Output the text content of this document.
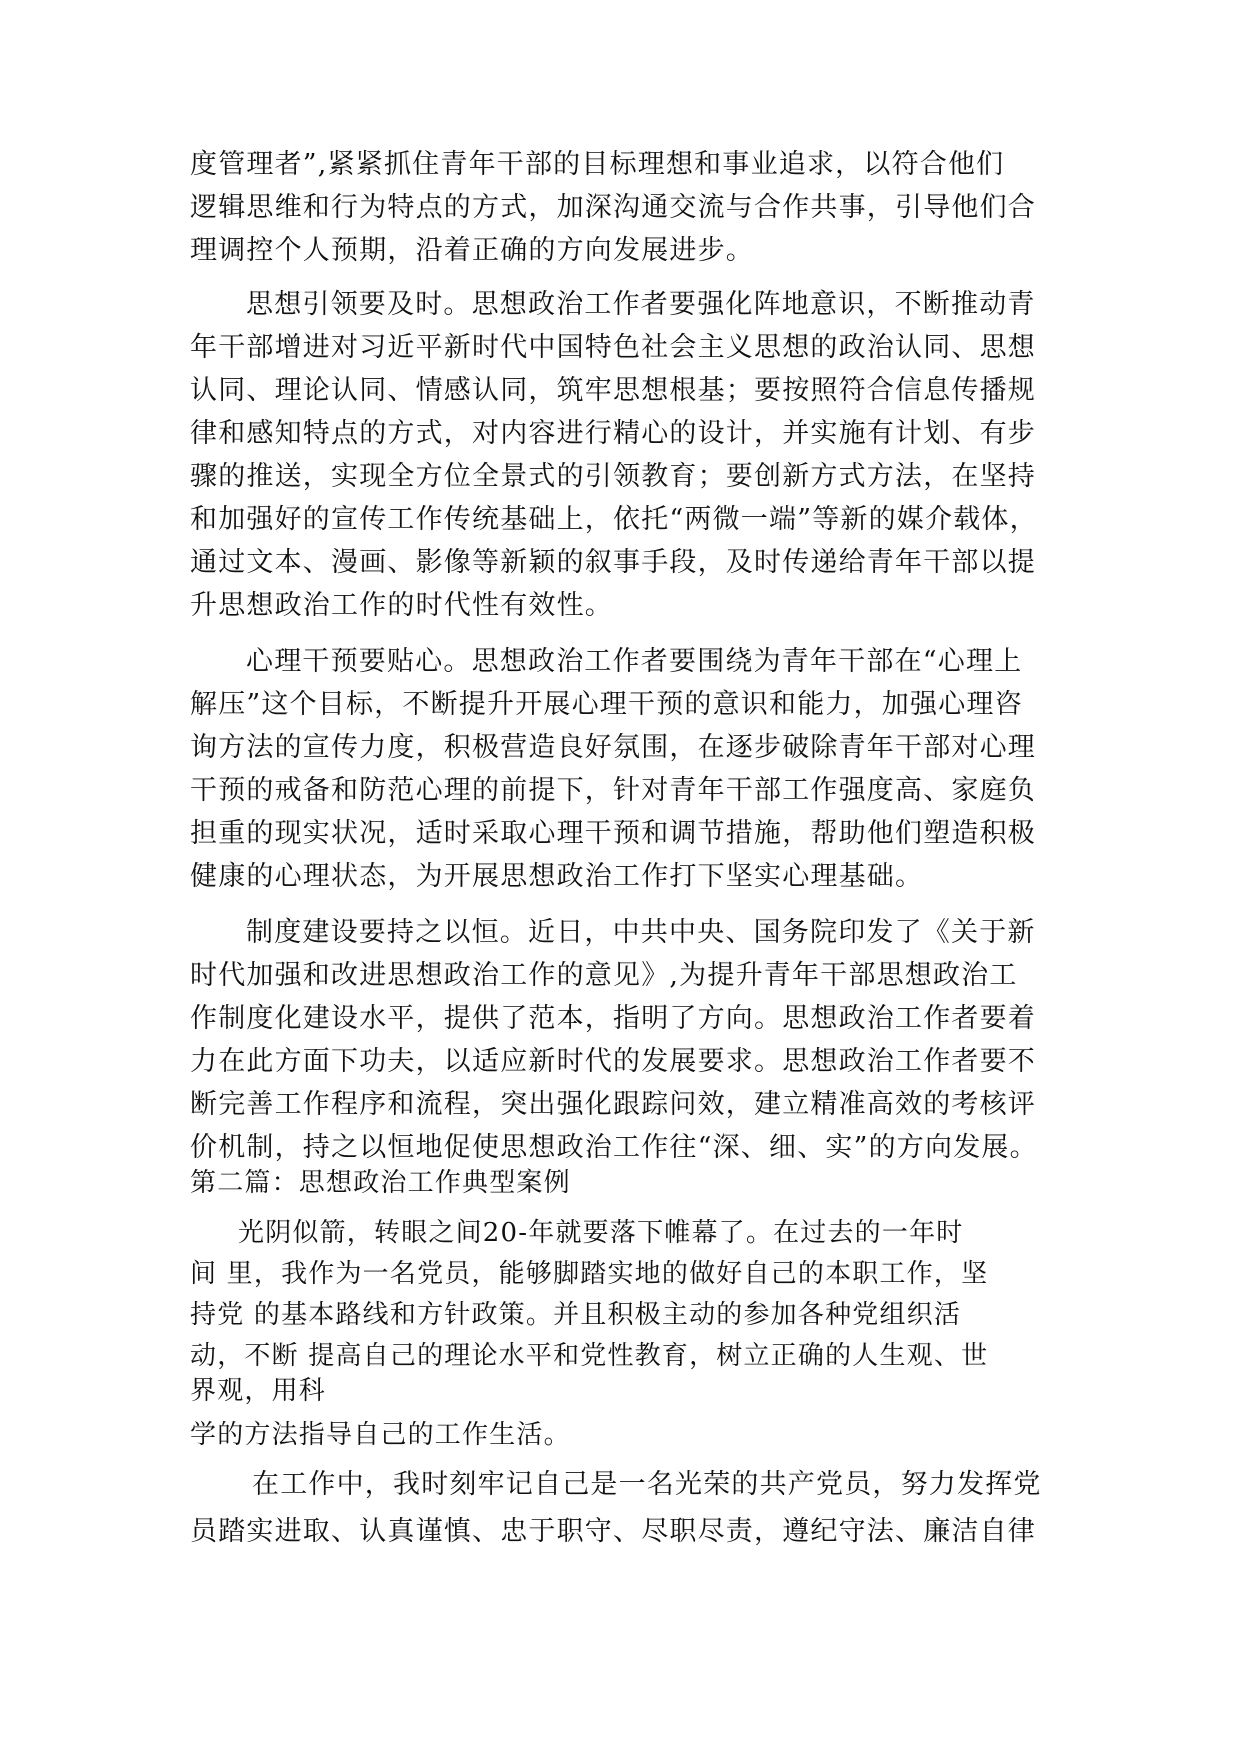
度管理者”,紧紧抓住青年干部的目标理想和事业追求，以符合他们
逻辑思维和行为特点的方式，加深沟通交流与合作共事，引导他们合
理调控个人预期，沿着正确的方向发展进步。
思想引领要及时。思想政治工作者要强化阵地意识，不断推动青
年干部增进对习近平新时代中国特色社会主义思想的政治认同、思想
认同、理论认同、情感认同，筑牢思想根基；要按照符合信息传播规
律和感知特点的方式，对内容进行精心的设计，并实施有计划、有步
骤的推送，实现全方位全景式的引领教育；要创新方式方法，在坚持
和加强好的宣传工作传统基础上，依托“两微一端”等新的媒介载体，
通过文本、漫画、影像等新颖的叙事手段，及时传递给青年干部以提
升思想政治工作的时代性有效性。
心理干预要贴心。思想政治工作者要围绕为青年干部在“心理上
解压”这个目标，不断提升开展心理干预的意识和能力，加强心理咨
询方法的宣传力度，积极营造良好氛围，在逐步破除青年干部对心理
干预的戒备和防范心理的前提下，针对青年干部工作强度高、家庭负
担重的现实状况，适时采取心理干预和调节措施，帮助他们塑造积极
健康的心理状态，为开展思想政治工作打下坚实心理基础。
制度建设要持之以恒。近日，中共中央、国务院印发了《关于新
时代加强和改进思想政治工作的意见》,为提升青年干部思想政治工
作制度化建设水平，提供了范本，指明了方向。思想政治工作者要着
力在此方面下功夫，以适应新时代的发展要求。思想政治工作者要不
断完善工作程序和流程，突出强化跟踪问效，建立精准高效的考核评
价机制，持之以恒地促使思想政治工作往“深、细、实”的方向发展。
第二篇：思想政治工作典型案例
光阴似箭，转眼之间20-年就要落下帷幕了。在过去的一年时
间 里，我作为一名党员，能够脚踏实地的做好自己的本职工作，坚
持党 的基本路线和方针政策。并且积极主动的参加各种党组织活
动，不断 提高自己的理论水平和党性教育，树立正确的人生观、世
界观，用科
学的方法指导自己的工作生活。
在工作中，我时刻牢记自己是一名光荣的共产党员，努力发挥党
员踏实进取、认真谨慎、忠于职守、尽职尽责，遵纪守法、廉洁自律
